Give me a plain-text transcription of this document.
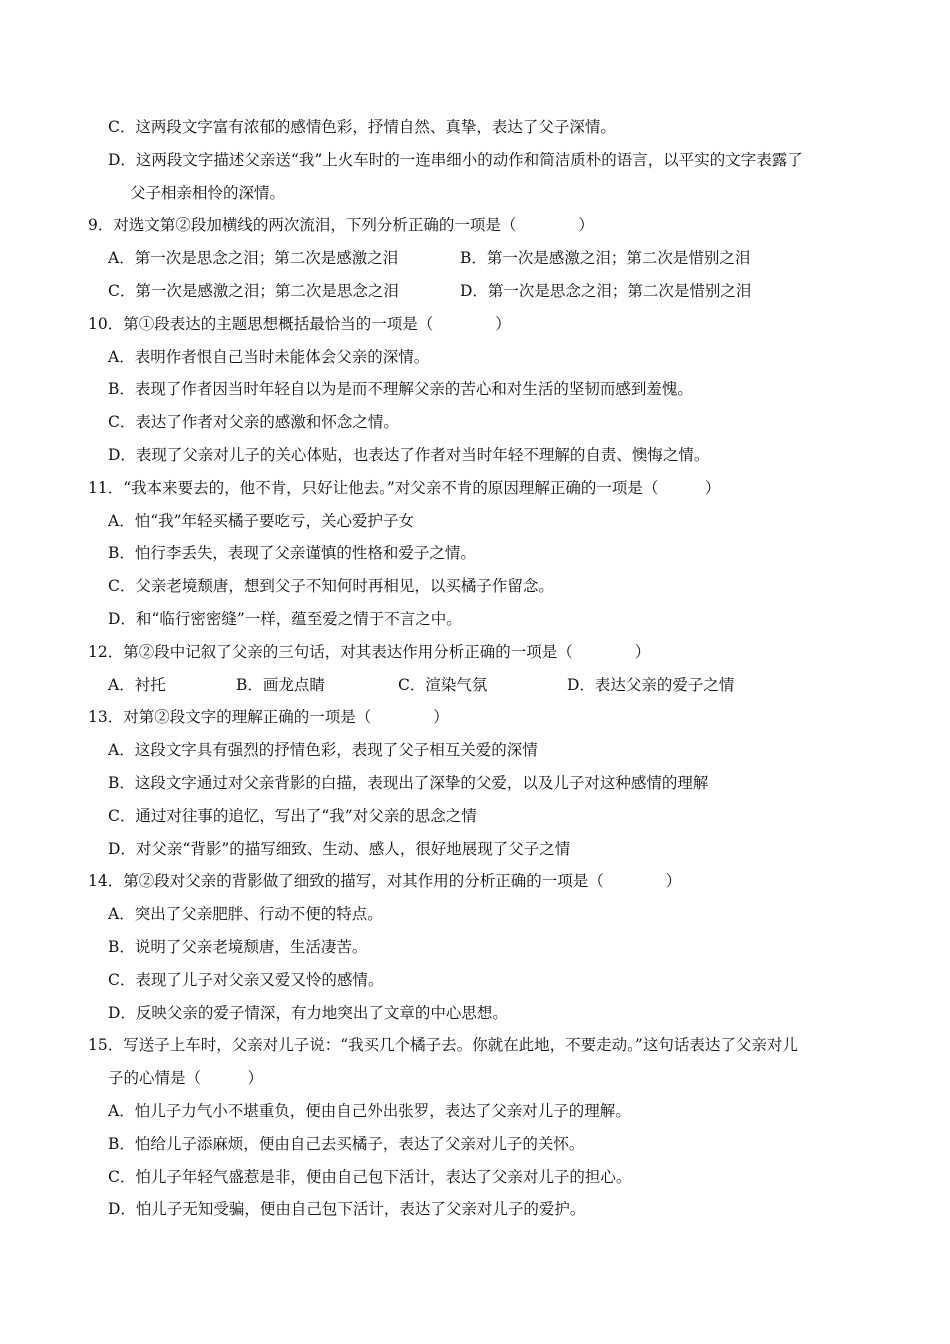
C．这两段文字富有浓郁的感情色彩，抒情自然、真挚，表达了父子深情。
D．这两段文字描述父亲送“我”上火车时的一连串细小的动作和简洁质朴的语言，以平实的文字表露了
父子相亲相怜的深情。
9．对选文第②段加横线的两次流泪，下列分析正确的一项是（　　　　）
A．第一次是思念之泪；第二次是感激之泪	B．第一次是感激之泪；第二次是惜别之泪
C．第一次是感激之泪；第二次是思念之泪	D．第一次是思念之泪；第二次是惜别之泪
10．第①段表达的主题思想概括最恰当的一项是（　　　　）
A．表明作者恨自己当时未能体会父亲的深情。
B．表现了作者因当时年轻自以为是而不理解父亲的苦心和对生活的坚韧而感到羞愧。
C．表达了作者对父亲的感激和怀念之情。
D．表现了父亲对儿子的关心体贴，也表达了作者对当时年轻不理解的自责、懊悔之情。
11．“我本来要去的，他不肯，只好让他去。”对父亲不肯的原因理解正确的一项是（　　　）
A．怕“我”年轻买橘子要吃亏，关心爱护子女
B．怕行李丢失，表现了父亲谨慎的性格和爱子之情。
C．父亲老境颓唐，想到父子不知何时再相见，以买橘子作留念。
D．和“临行密密缝”一样，蕴至爱之情于不言之中。
12．第②段中记叙了父亲的三句话，对其表达作用分析正确的一项是（　　　　）
A．衬托	B．画龙点睛	C．渲染气氛	D．表达父亲的爱子之情
13．对第②段文字的理解正确的一项是（　　　　）
A．这段文字具有强烈的抒情色彩，表现了父子相互关爱的深情
B．这段文字通过对父亲背影的白描，表现出了深挚的父爱，以及儿子对这种感情的理解
C．通过对往事的追忆，写出了“我”对父亲的思念之情
D．对父亲“背影”的描写细致、生动、感人，很好地展现了父子之情
14．第②段对父亲的背影做了细致的描写，对其作用的分析正确的一项是（　　　　）
A．突出了父亲肥胖、行动不便的特点。
B．说明了父亲老境颓唐，生活凄苦。
C．表现了儿子对父亲又爱又怜的感情。
D．反映父亲的爱子情深，有力地突出了文章的中心思想。
15．写送子上车时，父亲对儿子说：“我买几个橘子去。你就在此地，不要走动。”这句话表达了父亲对儿
子的心情是（　　　）
A．怕儿子力气小不堪重负，便由自己外出张罗，表达了父亲对儿子的理解。
B．怕给儿子添麻烦，便由自己去买橘子，表达了父亲对儿子的关怀。
C．怕儿子年轻气盛惹是非，便由自己包下活计，表达了父亲对儿子的担心。
D．怕儿子无知受骗，便由自己包下活计，表达了父亲对儿子的爱护。
